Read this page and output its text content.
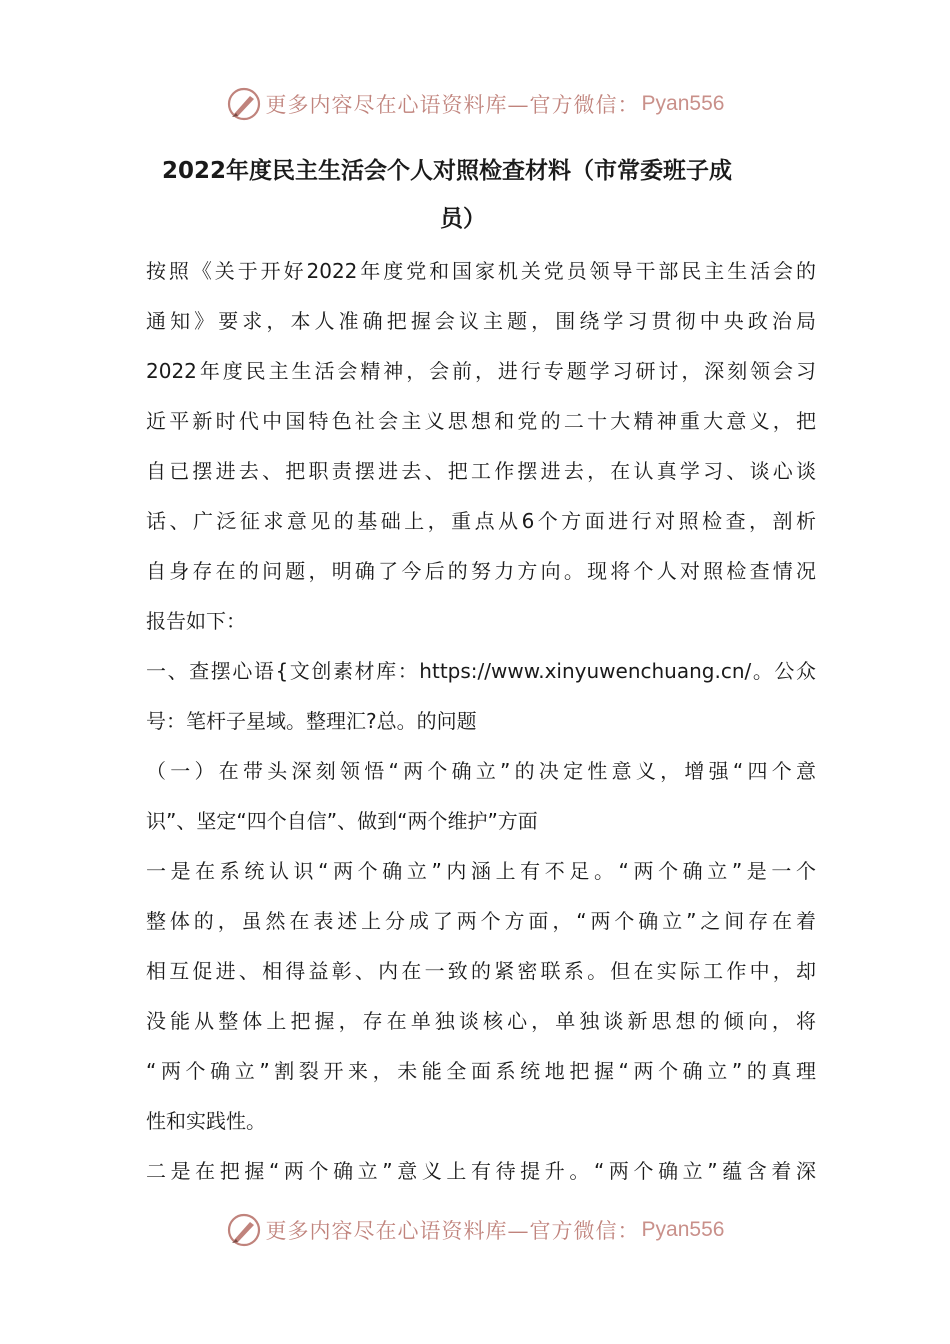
更多内容尽在心语资料库—官方微信： Pyan556
2022年度民主生活会个人对照检查材料（市常委班子成
员）
按照《关于开好2022年度党和国家机关党员领导干部民主生活会的
通知》要求，本人准确把握会议主题，围绕学习贯彻中央政治局
2022年度民主生活会精神，会前，进行专题学习研讨，深刻领会习
近平新时代中国特色社会主义思想和党的二十大精神重大意义，把
自已摆进去、把职责摆进去、把工作摆进去，在认真学习、谈心谈
话、广泛征求意见的基础上，重点从6个方面进行对照检查，剖析
自身存在的问题，明确了今后的努力方向。现将个人对照检查情况
报告如下：
一、查摆心语{文创素材库：https://www.xinyuwenchuang.cn/。公众
号：笔杆子星域。整理汇?总。的问题
（一）在带头深刻领悟“两个确立”的决定性意义，增强“四个意
识”、坚定“四个自信”、做到“两个维护”方面
一是在系统认识“两个确立”内涵上有不足。“两个确立”是一个
整体的，虽然在表述上分成了两个方面，“两个确立”之间存在着
相互促进、相得益彰、内在一致的紧密联系。但在实际工作中，却
没能从整体上把握，存在单独谈核心，单独谈新思想的倾向，将
“两个确立”割裂开来，未能全面系统地把握“两个确立”的真理
性和实践性。
二是在把握“两个确立”意义上有待提升。“两个确立”蕴含着深
更多内容尽在心语资料库—官方微信： Pyan556
